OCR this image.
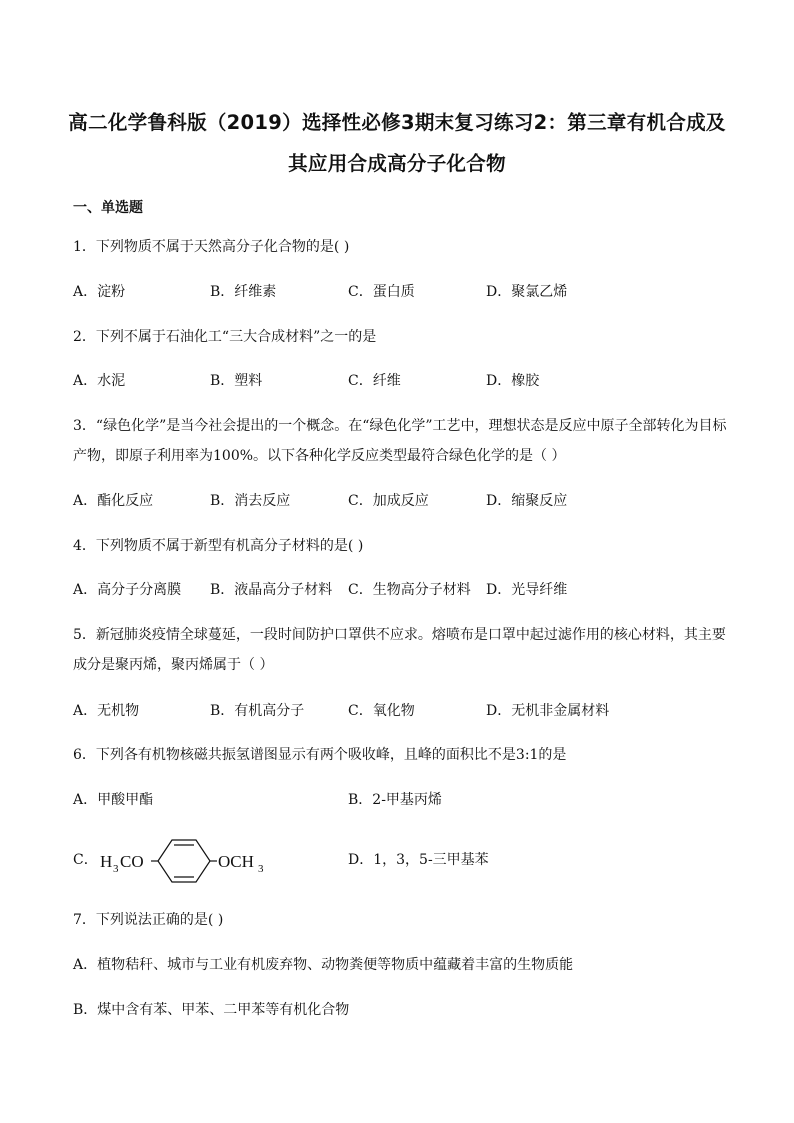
高二化学鲁科版（2019）选择性必修3期末复习练习2：第三章有机合成及
其应用合成高分子化合物
一、单选题
1．下列物质不属于天然高分子化合物的是( )
A．淀粉	B．纤维素	C．蛋白质	D．聚氯乙烯
2．下列不属于石油化工“三大合成材料”之一的是
A．水泥	B．塑料	C．纤维	D．橡胶
3．“绿色化学”是当今社会提出的一个概念。在“绿色化学”工艺中，理想状态是反应中原子全部转化为目标
产物，即原子利用率为100%。以下各种化学反应类型最符合绿色化学的是（ ）
A．酯化反应	B．消去反应	C．加成反应	D．缩聚反应
4．下列物质不属于新型有机高分子材料的是( )
A．高分子分离膜 B．液晶高分子材料 C．生物高分子材料 D．光导纤维
5．新冠肺炎疫情全球蔓延，一段时间防护口罩供不应求。熔喷布是口罩中起过滤作用的核心材料，其主要
成分是聚丙烯，聚丙烯属于（ ）
A．无机物	B．有机高分子	C．氧化物	D．无机非金属材料
6．下列各有机物核磁共振氢谱图显示有两个吸收峰，且峰的面积比不是3:1的是
A．甲酸甲酯	B．2-甲基丙烯
C． H 3 CO	OCH 3
D．1，3，5-三甲基苯
7．下列说法正确的是( )
A．植物秸秆、城市与工业有机废弃物、动物粪便等物质中蕴藏着丰富的生物质能
B．煤中含有苯、甲苯、二甲苯等有机化合物
